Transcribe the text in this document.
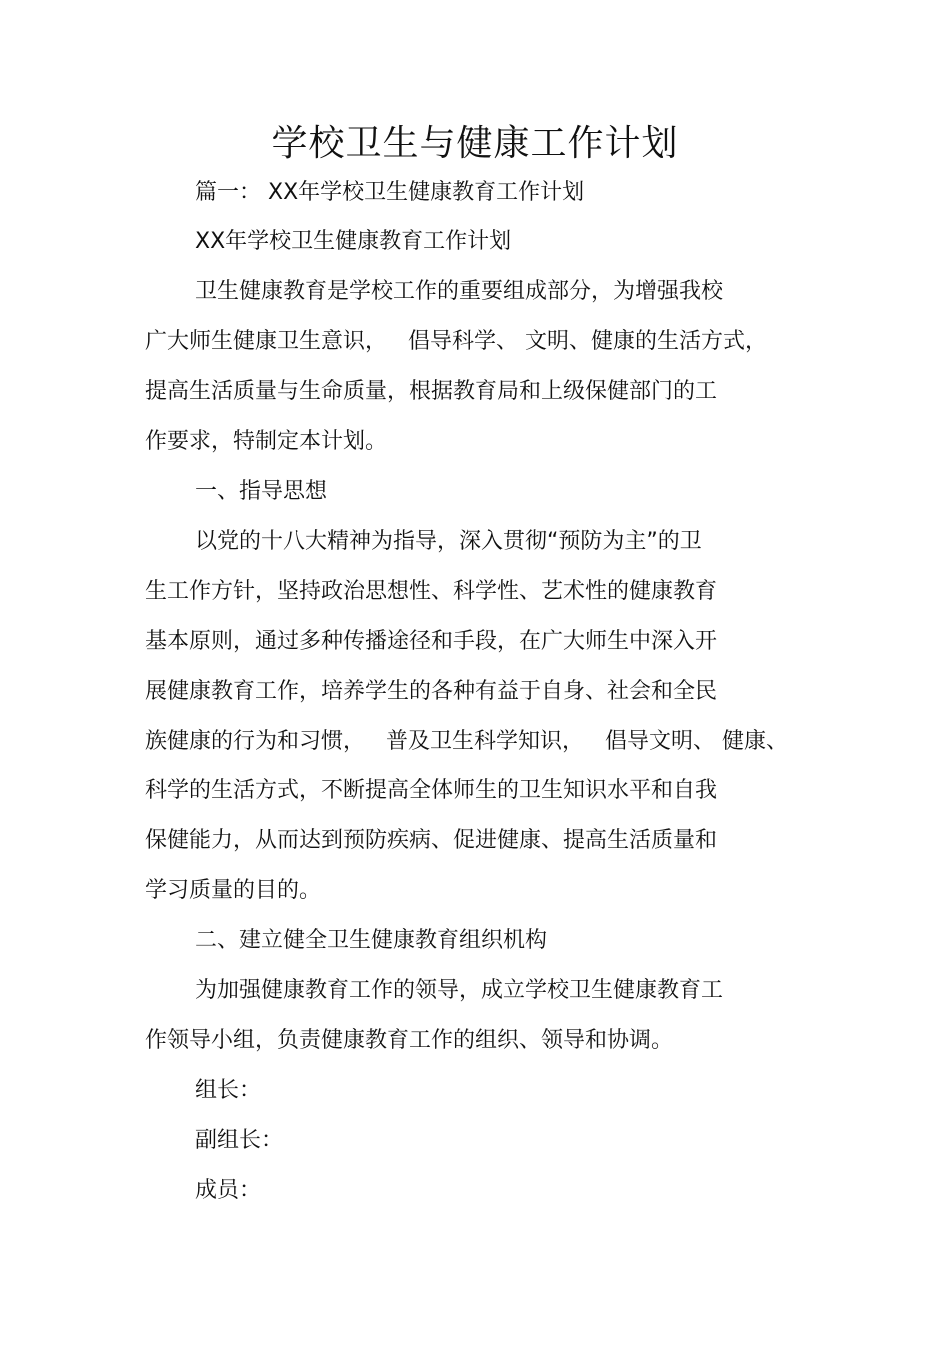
学校卫生与健康工作计划
篇一： XX年学校卫生健康教育工作计划
XX年学校卫生健康教育工作计划
卫生健康教育是学校工作的重要组成部分，为增强我校
广大师生健康卫生意识，   倡导科学、 文明、健康的生活方式，
提高生活质量与生命质量，根据教育局和上级保健部门的工
作要求，特制定本计划。
一、指导思想
以党的十八大精神为指导，深入贯彻“预防为主”的卫
生工作方针，坚持政治思想性、科学性、艺术性的健康教育
基本原则，通过多种传播途径和手段，在广大师生中深入开
展健康教育工作，培养学生的各种有益于自身、社会和全民
族健康的行为和习惯，   普及卫生科学知识，   倡导文明、 健康、
科学的生活方式，不断提高全体师生的卫生知识水平和自我
保健能力，从而达到预防疾病、促进健康、提高生活质量和
学习质量的目的。
二、建立健全卫生健康教育组织机构
为加强健康教育工作的领导，成立学校卫生健康教育工
作领导小组，负责健康教育工作的组织、领导和协调。
组长：
副组长：
成员：
